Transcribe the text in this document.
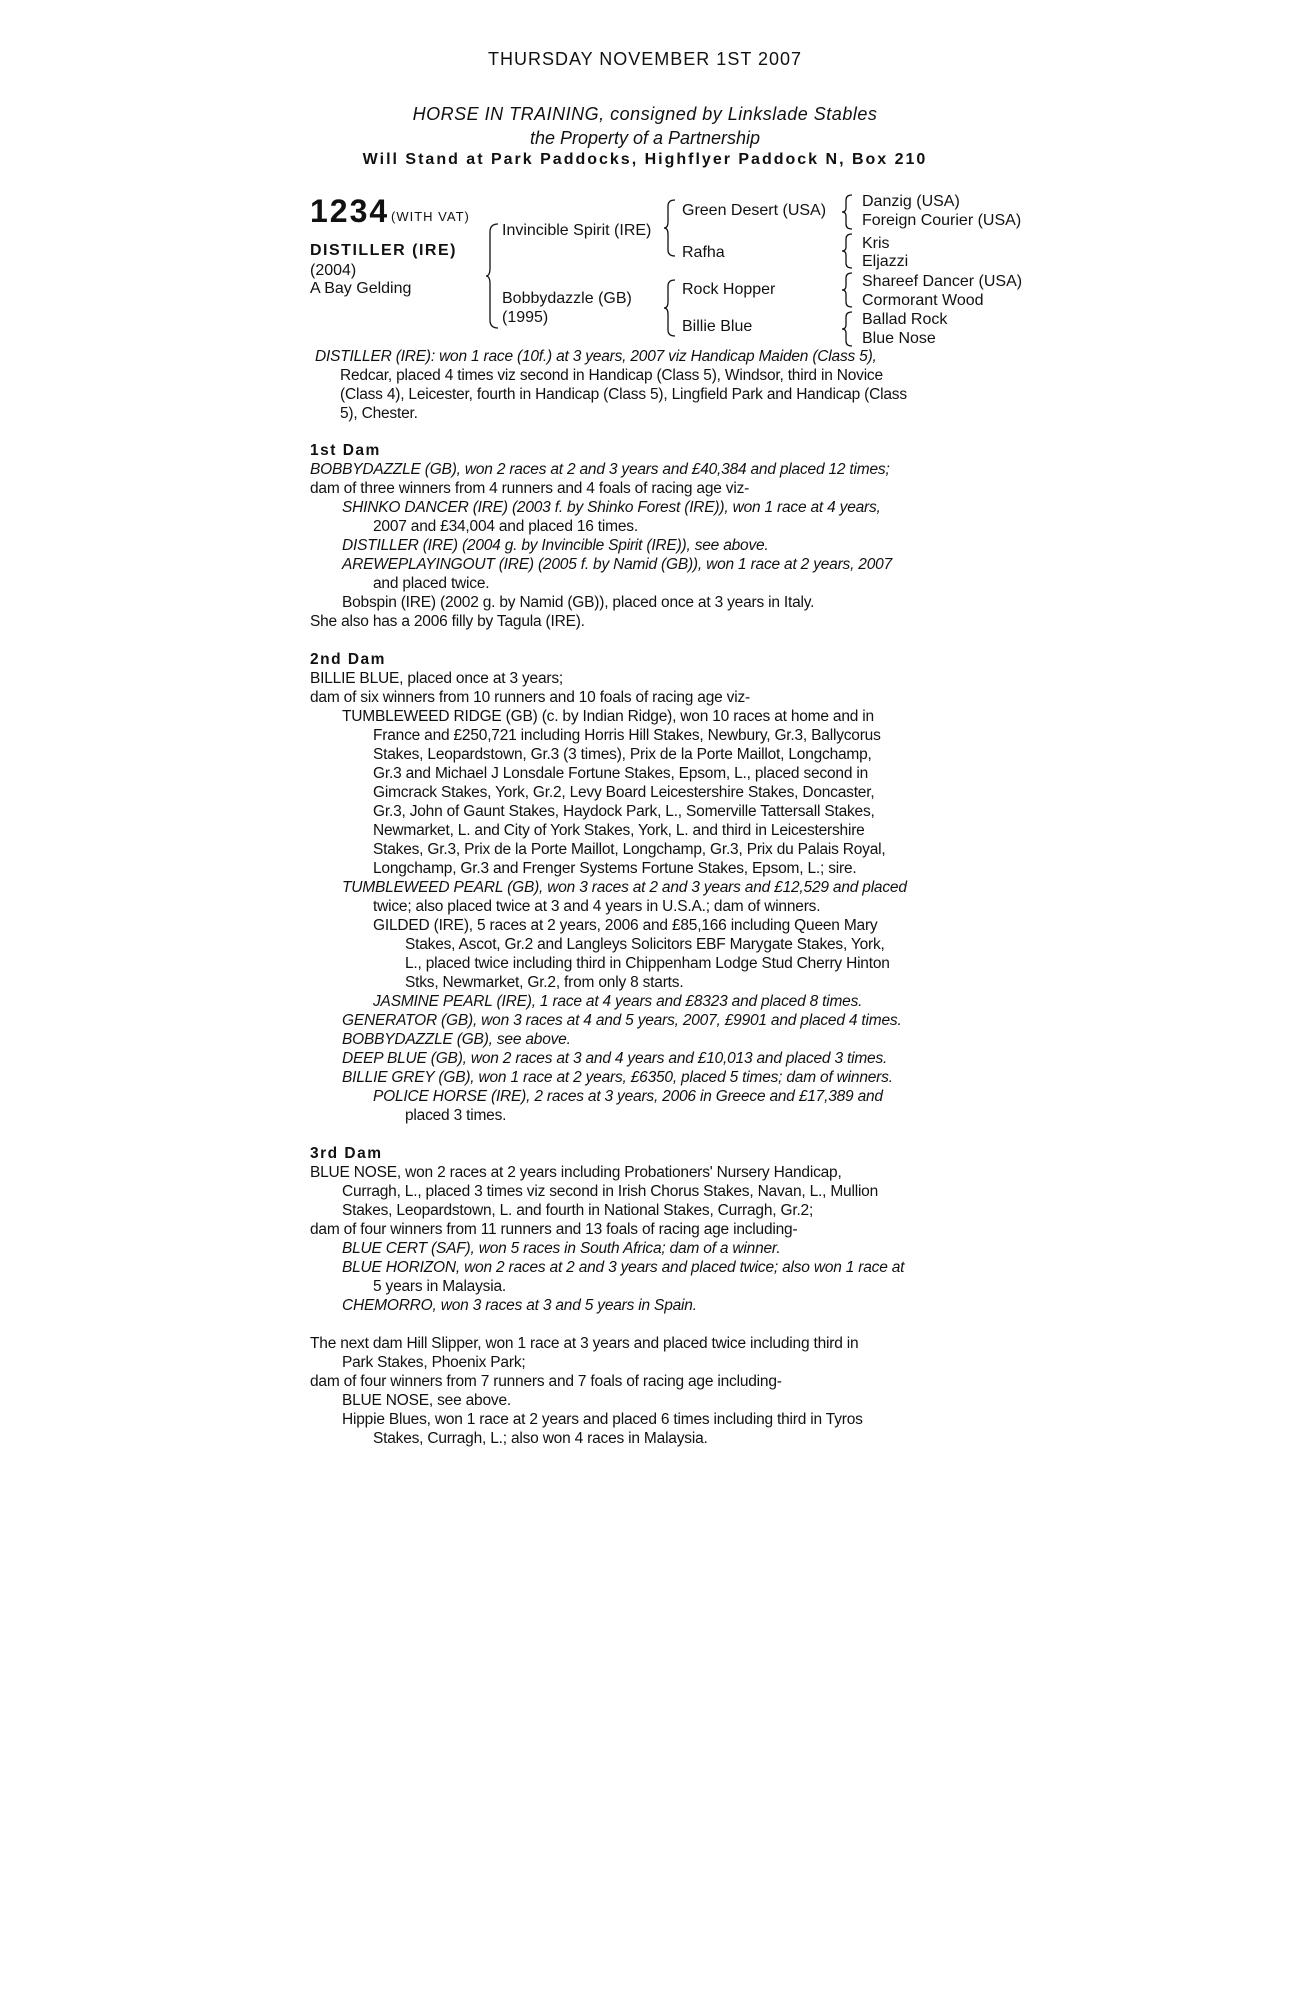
THURSDAY NOVEMBER 1ST 2007
HORSE IN TRAINING, consigned by Linkslade Stables
the Property of a Partnership
Will Stand at Park Paddocks, Highflyer Paddock N, Box 210
1234 (WITH VAT)
DISTILLER (IRE)
(2004)
A Bay Gelding
Invincible Spirit (IRE)
Bobbydazzle (GB)
(1995)
Green Desert (USA)
Rafha
Rock Hopper
Billie Blue
Danzig (USA)
Foreign Courier (USA)
Kris
Eljazzi
Shareef Dancer (USA)
Cormorant Wood
Ballad Rock
Blue Nose
DISTILLER (IRE): won 1 race (10f.) at 3 years, 2007 viz Handicap Maiden (Class 5),
Redcar, placed 4 times viz second in Handicap (Class 5), Windsor, third in Novice
(Class 4), Leicester, fourth in Handicap (Class 5), Lingfield Park and Handicap (Class
5), Chester.
1st Dam
BOBBYDAZZLE (GB), won 2 races at 2 and 3 years and £40,384 and placed 12 times;
dam of three winners from 4 runners and 4 foals of racing age viz-
SHINKO DANCER (IRE) (2003 f. by Shinko Forest (IRE)), won 1 race at 4 years,
2007 and £34,004 and placed 16 times.
DISTILLER (IRE) (2004 g. by Invincible Spirit (IRE)), see above.
AREWEPLAYINGOUT (IRE) (2005 f. by Namid (GB)), won 1 race at 2 years, 2007
and placed twice.
Bobspin (IRE) (2002 g. by Namid (GB)), placed once at 3 years in Italy.
She also has a 2006 filly by Tagula (IRE).
2nd Dam
BILLIE BLUE, placed once at 3 years;
dam of six winners from 10 runners and 10 foals of racing age viz-
TUMBLEWEED RIDGE (GB) (c. by Indian Ridge), won 10 races at home and in
France and £250,721 including Horris Hill Stakes, Newbury, Gr.3, Ballycorus
Stakes, Leopardstown, Gr.3 (3 times), Prix de la Porte Maillot, Longchamp,
Gr.3 and Michael J Lonsdale Fortune Stakes, Epsom, L., placed second in
Gimcrack Stakes, York, Gr.2, Levy Board Leicestershire Stakes, Doncaster,
Gr.3, John of Gaunt Stakes, Haydock Park, L., Somerville Tattersall Stakes,
Newmarket, L. and City of York Stakes, York, L. and third in Leicestershire
Stakes, Gr.3, Prix de la Porte Maillot, Longchamp, Gr.3, Prix du Palais Royal,
Longchamp, Gr.3 and Frenger Systems Fortune Stakes, Epsom, L.; sire.
TUMBLEWEED PEARL (GB), won 3 races at 2 and 3 years and £12,529 and placed
twice; also placed twice at 3 and 4 years in U.S.A.; dam of winners.
GILDED (IRE), 5 races at 2 years, 2006 and £85,166 including Queen Mary
Stakes, Ascot, Gr.2 and Langleys Solicitors EBF Marygate Stakes, York,
L., placed twice including third in Chippenham Lodge Stud Cherry Hinton
Stks, Newmarket, Gr.2, from only 8 starts.
JASMINE PEARL (IRE), 1 race at 4 years and £8323 and placed 8 times.
GENERATOR (GB), won 3 races at 4 and 5 years, 2007, £9901 and placed 4 times.
BOBBYDAZZLE (GB), see above.
DEEP BLUE (GB), won 2 races at 3 and 4 years and £10,013 and placed 3 times.
BILLIE GREY (GB), won 1 race at 2 years, £6350, placed 5 times; dam of winners.
POLICE HORSE (IRE), 2 races at 3 years, 2006 in Greece and £17,389 and
placed 3 times.
3rd Dam
BLUE NOSE, won 2 races at 2 years including Probationers' Nursery Handicap,
Curragh, L., placed 3 times viz second in Irish Chorus Stakes, Navan, L., Mullion
Stakes, Leopardstown, L. and fourth in National Stakes, Curragh, Gr.2;
dam of four winners from 11 runners and 13 foals of racing age including-
BLUE CERT (SAF), won 5 races in South Africa; dam of a winner.
BLUE HORIZON, won 2 races at 2 and 3 years and placed twice; also won 1 race at
5 years in Malaysia.
CHEMORRO, won 3 races at 3 and 5 years in Spain.
The next dam Hill Slipper, won 1 race at 3 years and placed twice including third in
Park Stakes, Phoenix Park;
dam of four winners from 7 runners and 7 foals of racing age including-
BLUE NOSE, see above.
Hippie Blues, won 1 race at 2 years and placed 6 times including third in Tyros
Stakes, Curragh, L.; also won 4 races in Malaysia.
